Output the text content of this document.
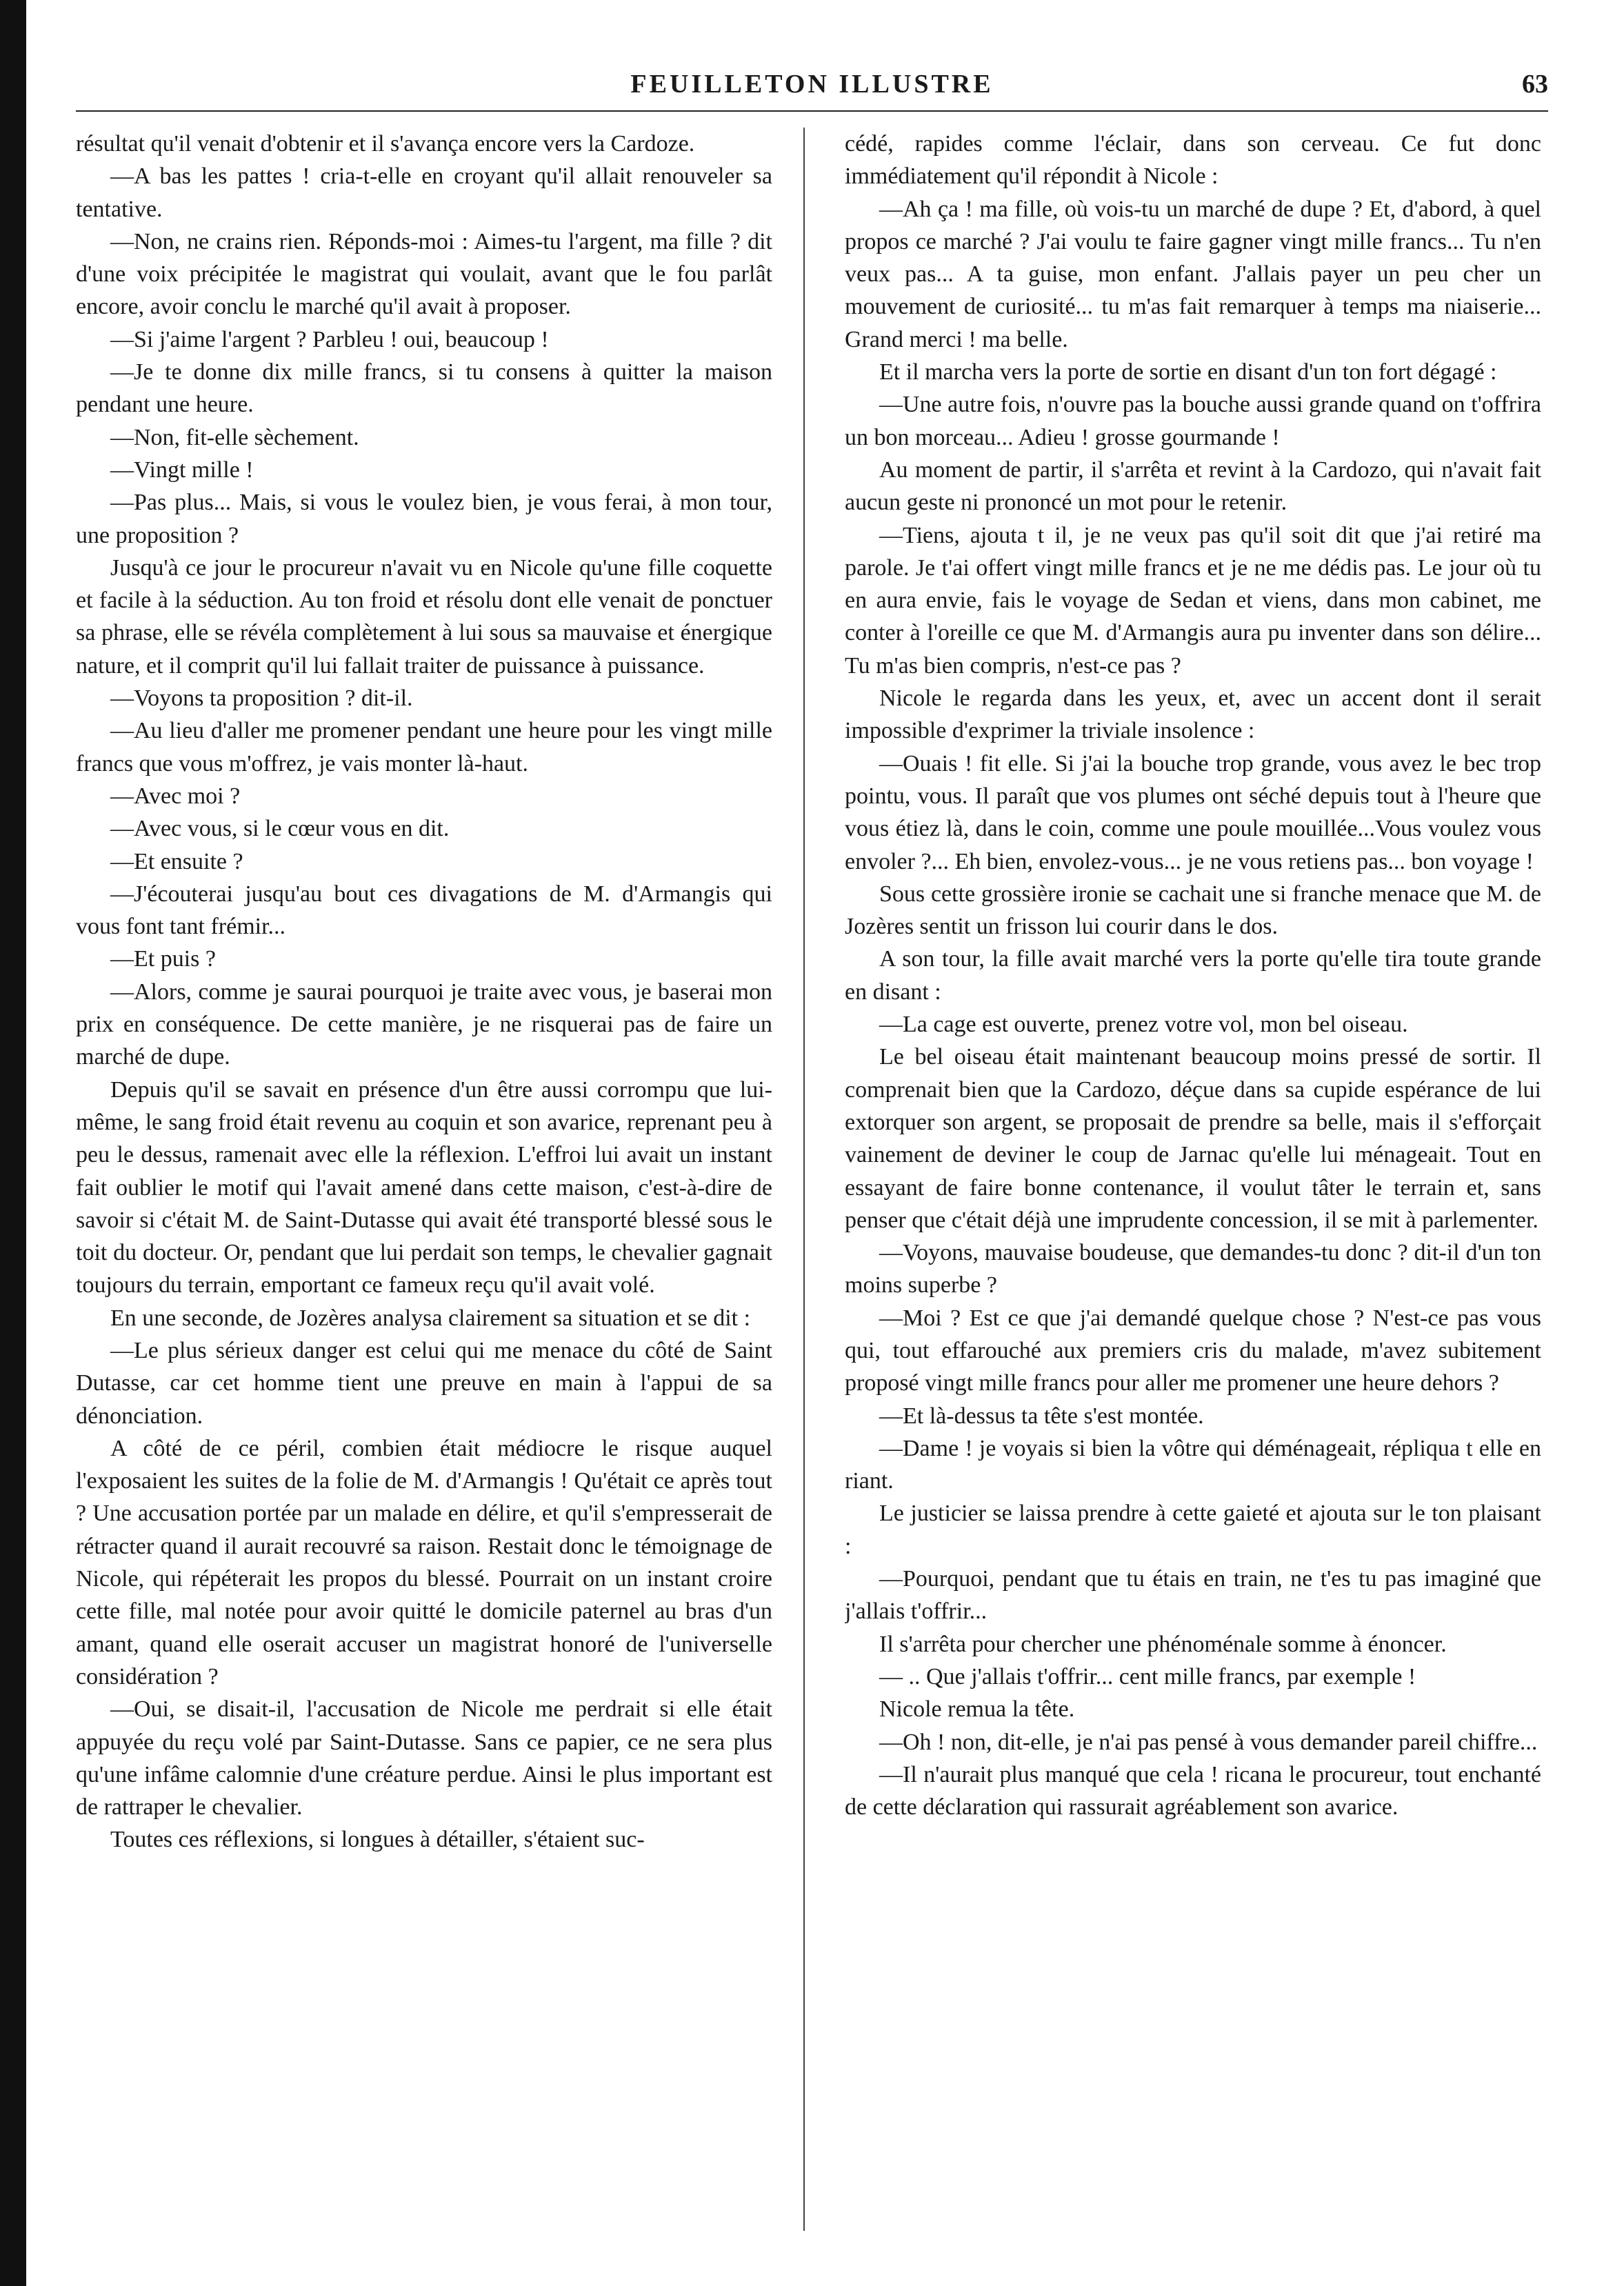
FEUILLETON ILLUSTRE	63

résultat qu'il venait d'obtenir et il s'avança encore vers la Cardoze.

—A bas les pattes ! cria-t-elle en croyant qu'il allait renouveler sa tentative.

—Non, ne crains rien. Réponds-moi : Aimes-tu l'argent, ma fille ? dit d'une voix précipitée le magistrat qui voulait, avant que le fou parlât encore, avoir conclu le marché qu'il avait à proposer.

—Si j'aime l'argent ? Parbleu ! oui, beaucoup !

—Je te donne dix mille francs, si tu consens à quitter la maison pendant une heure.

—Non, fit-elle sèchement.

—Vingt mille !

—Pas plus... Mais, si vous le voulez bien, je vous ferai, à mon tour, une proposition ?

Jusqu'à ce jour le procureur n'avait vu en Nicole qu'une fille coquette et facile à la séduction. Au ton froid et résolu dont elle venait de ponctuer sa phrase, elle se révéla complètement à lui sous sa mauvaise et énergique nature, et il comprit qu'il lui fallait traiter de puissance à puissance.

—Voyons ta proposition ? dit-il.

—Au lieu d'aller me promener pendant une heure pour les vingt mille francs que vous m'offrez, je vais monter là-haut.

—Avec moi ?

—Avec vous, si le cœur vous en dit.

—Et ensuite ?

—J'écouterai jusqu'au bout ces divagations de M. d'Armangis qui vous font tant frémir...

—Et puis ?

—Alors, comme je saurai pourquoi je traite avec vous, je baserai mon prix en conséquence. De cette manière, je ne risquerai pas de faire un marché de dupe.

Depuis qu'il se savait en présence d'un être aussi corrompu que lui-même, le sang froid était revenu au coquin et son avarice, reprenant peu à peu le dessus, ramenait avec elle la réflexion. L'effroi lui avait un instant fait oublier le motif qui l'avait amené dans cette maison, c'est-à-dire de savoir si c'était M. de Saint-Dutasse qui avait été transporté blessé sous le toit du docteur. Or, pendant que lui perdait son temps, le chevalier gagnait toujours du terrain, emportant ce fameux reçu qu'il avait volé.

En une seconde, de Jozères analysa clairement sa situation et se dit :

—Le plus sérieux danger est celui qui me menace du côté de Saint Dutasse, car cet homme tient une preuve en main à l'appui de sa dénonciation.

A côté de ce péril, combien était médiocre le risque auquel l'exposaient les suites de la folie de M. d'Armangis ! Qu'était ce après tout ? Une accusation portée par un malade en délire, et qu'il s'empresserait de rétracter quand il aurait recouvré sa raison. Restait donc le témoignage de Nicole, qui répéterait les propos du blessé. Pourrait on un instant croire cette fille, mal notée pour avoir quitté le domicile paternel au bras d'un amant, quand elle oserait accuser un magistrat honoré de l'universelle considération ?

—Oui, se disait-il, l'accusation de Nicole me perdrait si elle était appuyée du reçu volé par Saint-Dutasse. Sans ce papier, ce ne sera plus qu'une infâme calomnie d'une créature perdue. Ainsi le plus important est de rattraper le chevalier.

Toutes ces réflexions, si longues à détailler, s'étaient suc-

cédé, rapides comme l'éclair, dans son cerveau. Ce fut donc immédiatement qu'il répondit à Nicole :

—Ah ça ! ma fille, où vois-tu un marché de dupe ? Et, d'abord, à quel propos ce marché ? J'ai voulu te faire gagner vingt mille francs... Tu n'en veux pas... A ta guise, mon enfant. J'allais payer un peu cher un mouvement de curiosité... tu m'as fait remarquer à temps ma niaiserie... Grand merci ! ma belle.

Et il marcha vers la porte de sortie en disant d'un ton fort dégagé :

—Une autre fois, n'ouvre pas la bouche aussi grande quand on t'offrira un bon morceau... Adieu ! grosse gourmande !

Au moment de partir, il s'arrêta et revint à la Cardozo, qui n'avait fait aucun geste ni prononcé un mot pour le retenir.

—Tiens, ajouta t il, je ne veux pas qu'il soit dit que j'ai retiré ma parole. Je t'ai offert vingt mille francs et je ne me dédis pas. Le jour où tu en aura envie, fais le voyage de Sedan et viens, dans mon cabinet, me conter à l'oreille ce que M. d'Armangis aura pu inventer dans son délire... Tu m'as bien compris, n'est-ce pas ?

Nicole le regarda dans les yeux, et, avec un accent dont il serait impossible d'exprimer la triviale insolence :

—Ouais ! fit elle. Si j'ai la bouche trop grande, vous avez le bec trop pointu, vous. Il paraît que vos plumes ont séché depuis tout à l'heure que vous étiez là, dans le coin, comme une poule mouillée...Vous voulez vous envoler ?... Eh bien, envolez-vous... je ne vous retiens pas... bon voyage !

Sous cette grossière ironie se cachait une si franche menace que M. de Jozères sentit un frisson lui courir dans le dos.

A son tour, la fille avait marché vers la porte qu'elle tira toute grande en disant :

—La cage est ouverte, prenez votre vol, mon bel oiseau.

Le bel oiseau était maintenant beaucoup moins pressé de sortir. Il comprenait bien que la Cardozo, déçue dans sa cupide espérance de lui extorquer son argent, se proposait de prendre sa belle, mais il s'efforçait vainement de deviner le coup de Jarnac qu'elle lui ménageait. Tout en essayant de faire bonne contenance, il voulut tâter le terrain et, sans penser que c'était déjà une imprudente concession, il se mit à parlementer.

—Voyons, mauvaise boudeuse, que demandes-tu donc ? dit-il d'un ton moins superbe ?

—Moi ? Est ce que j'ai demandé quelque chose ? N'est-ce pas vous qui, tout effarouché aux premiers cris du malade, m'avez subitement proposé vingt mille francs pour aller me promener une heure dehors ?

—Et là-dessus ta tête s'est montée.

—Dame ! je voyais si bien la vôtre qui déménageait, répliqua t elle en riant.

Le justicier se laissa prendre à cette gaieté et ajouta sur le ton plaisant :

—Pourquoi, pendant que tu étais en train, ne t'es tu pas imaginé que j'allais t'offrir...

Il s'arrêta pour chercher une phénoménale somme à énoncer.

— .. Que j'allais t'offrir... cent mille francs, par exemple !

Nicole remua la tête.

—Oh ! non, dit-elle, je n'ai pas pensé à vous demander pareil chiffre...

—Il n'aurait plus manqué que cela ! ricana le procureur, tout enchanté de cette déclaration qui rassurait agréablement son avarice.
